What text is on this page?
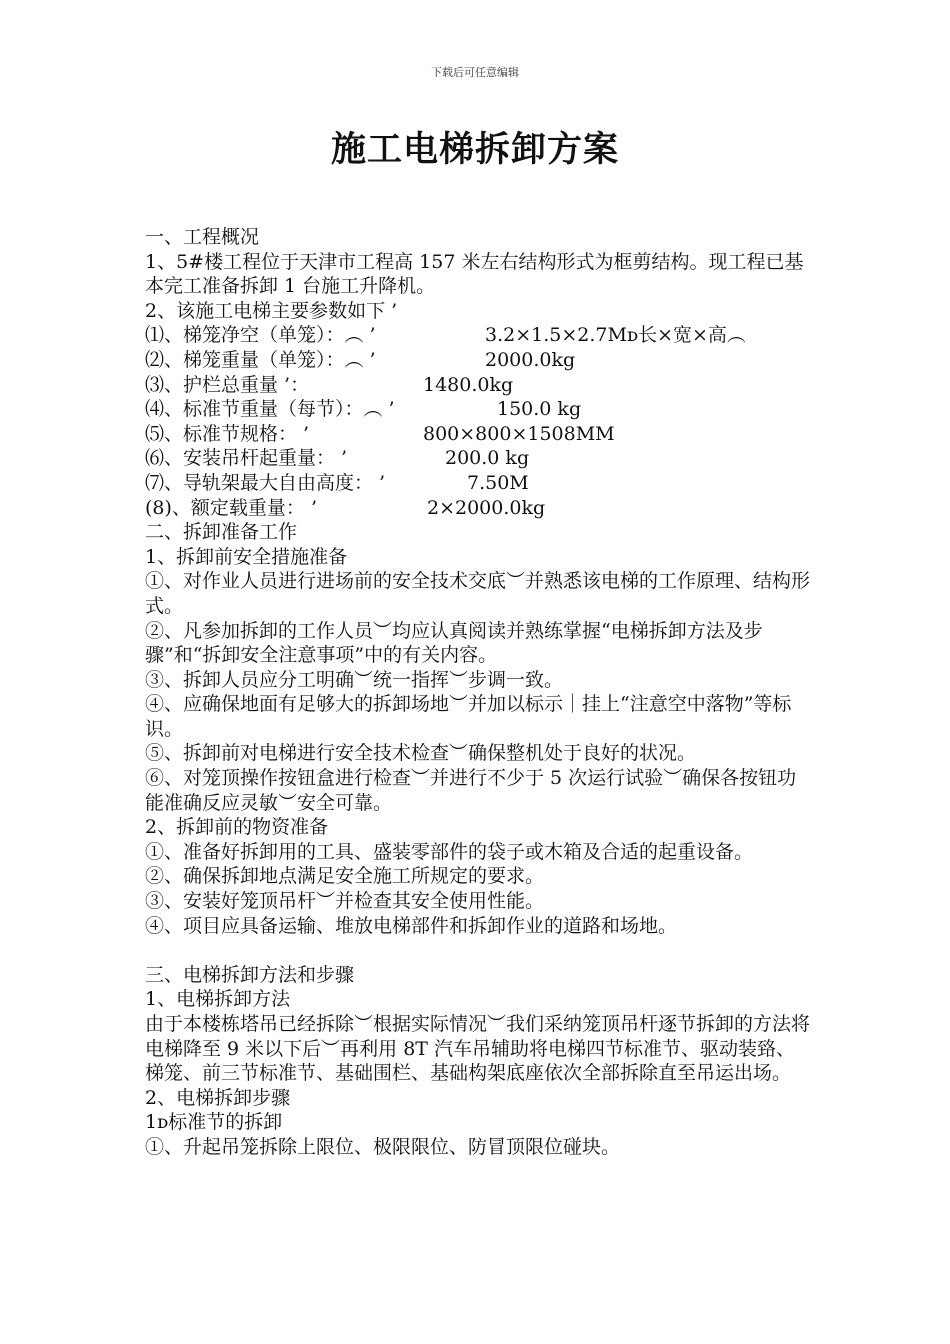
下载后可任意编辑
施工电梯拆卸方案

一、工程概况

1、5#楼工程位于天津市工程高 157 米左右结构形式为框剪结构。现工程已基本完工准备拆卸 1 台施工升降机。

2、该施工电梯主要参数如下 ’

⑴、梯笼净空（单笼）：︵ ’	3.2×1.5×2.7Mᴅ长×宽×高︵

⑵、梯笼重量（单笼）：︵ ’	2000.0kg

⑶、护栏总重量 ’：	1480.0kg

⑷、标准节重量（每节）：︵ ’	150.0 kg

⑸、标准节规格： ’	800×800×1508MM

⑹、安装吊杆起重量： ’	200.0 kg

⑺、导轨架最大自由高度： ’	7.50M

(8)、额定载重量： ’	2×2000.0kg

二、拆卸准备工作

1、拆卸前安全措施准备

①、对作业人员进行进场前的安全技术交底︶并熟悉该电梯的工作原理、结构形式。

②、凡参加拆卸的工作人员︶均应认真阅读并熟练掌握“电梯拆卸方法及步骤”和“拆卸安全注意事项”中的有关内容。

③、拆卸人员应分工明确︶统一指挥︶步调一致。

④、应确保地面有足够大的拆卸场地︶并加以标示｜挂上“注意空中落物”等标识。

⑤、拆卸前对电梯进行安全技术检查︶确保整机处于良好的状况。

⑥、对笼顶操作按钮盒进行检查︶并进行不少于 5 次运行试验︶确保各按钮功能准确反应灵敏︶安全可靠。

2、拆卸前的物资准备

①、准备好拆卸用的工具、盛装零部件的袋子或木箱及合适的起重设备。

②、确保拆卸地点满足安全施工所规定的要求。

③、安装好笼顶吊杆︶并检查其安全使用性能。

④、项目应具备运输、堆放电梯部件和拆卸作业的道路和场地。

三、电梯拆卸方法和步骤

1、电梯拆卸方法

由于本楼栋塔吊已经拆除︶根据实际情况︶我们采纳笼顶吊杆逐节拆卸的方法将电梯降至 9 米以下后︶再利用 8T 汽车吊辅助将电梯四节标准节、驱动装臵、梯笼、前三节标准节、基础围栏、基础构架底座依次全部拆除直至吊运出场。

2、电梯拆卸步骤

1ᴅ标准节的拆卸

①、升起吊笼拆除上限位、极限限位、防冒顶限位碰块。
